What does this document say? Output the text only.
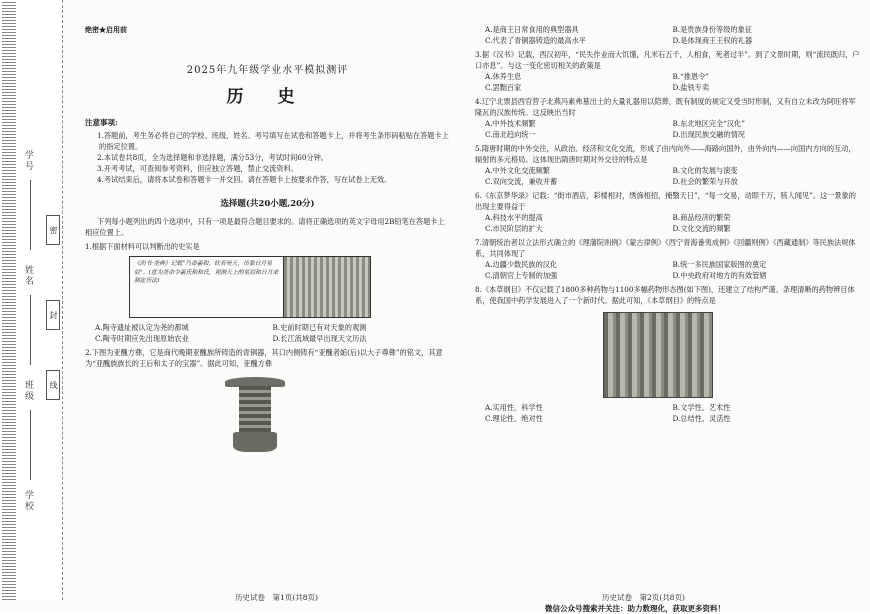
学号
姓名
班级
学校
密
封
线
绝密★启用前
2025年九年级学业水平模拟测评
历 史
注意事项:
1.答题前，考生务必将自己的学校、班级、姓名、考号填写在试卷和答题卡上，并将考生条形码粘贴在答题卡上的指定位置。
2.本试卷共8页，全为选择题和非选择题，满分53分，考试时间60分钟。
3.开考考试，可查阅参考资料，但应独立答题，禁止交流资料。
4.考试结束后，请将本试卷和答题卡一并交回。请在答题卡上按要求作答，写在试卷上无效。
选择题(共20小题,20分)
下列每小题列出的四个选项中，只有一项是最符合题目要求的。请将正确选项的英文字母用2B铅笔在答题卡上相应位置上。
1.根据下面材料可以判断出的史实是
《尚书·尧典》记载“乃命羲和，钦若昊天，历象日月星辰”。(意为尧命令羲氏和和氏，观测天上的星辰和日月来制定历法)
A.陶寺遗址被认定为尧的都城	B.史前时期已有对天象的观测
C.陶寺时期应先出现原始农业	D.长江流域最早出现天文历法
2.下图为亚醜方彝，它是商代晚期亚醜族所铸造的青铜器，其口内侧铸有“亚醜者姤(后)以大子尊彝”的铭文，其意为“亚醜族族长的王后和太子的宝器”。据此可知，亚醜方彝
A.是商王日常食用的典型器具	B.是贵族身份等级的象征
C.代表了青铜器铸造的最高水平	D.是体现商王王权的礼器
3.据《汉书》记载，西汉初年，“民失作业而大饥馑，凡米石五千，人相食，死者过半”。到了文景时期，则“流民既归，户口亦息”。与这一变化密切相关的政策是
A.休养生息	B.“推恩令”
C.罢黜百家	D.盐铁专卖
4.辽宁北票县西官营子北燕冯素弗墓出土的大量礼器用以陪葬，既有制度的规定又受当时形制，又有自立未改为阿旺将军隆瓦的汉族传统。这反映出当时
A.中外技术频繁	B.东北地区完全“汉化”
C.南北趋向统一	D.出现民族交融的情况
5.隋唐时期的中外交往，从政治、经济和文化交流，形成了由内向外——海路向国外，由外向内——向国内方向的互动，辐射的多元格局。这体现出隋唐时期对外交往的特点是
A.中外文化交流频繁	B.文化的发展与演变
C.双向交流，兼收并蓄	D.社会的繁荣与开放
6.《东京梦华录》记载：“街市酒店，彩楼相对，绣旆相招，掩翳天日”，“每一交易，动即千万，骇人闻见”。这一景象的出现主要得益于
A.科技水平的提高	B.商品经济的繁荣
C.市民阶层的扩大	D.文化交流的频繁
7.清朝统治者以立法形式确立的《理藩院则例》《蒙古律例》《西宁青海番夷成例》《回疆则例》《西藏通制》等民族法规体系，共同体现了
A.边疆少数民族的汉化	B.统一多民族国家版图的奠定
C.清朝官上专制的加强	D.中央政府对地方的有效管辖
8.《本草纲目》不仅记载了1800多种药物与1100多幅药物形态图(如下图)，还建立了结构严谨、条理清晰的药物辨目体系，使我国中药学发展进入了一个新时代。据此可知，《本草纲目》的特点是
A.实用性、科学性	B.文学性、艺术性
C.理论性、绝对性	D.总结性、灵活性
历史试卷　第1页(共8页)	历史试卷　第2页(共8页)
微信公众号搜索并关注：助力数理化，获取更多资料！
